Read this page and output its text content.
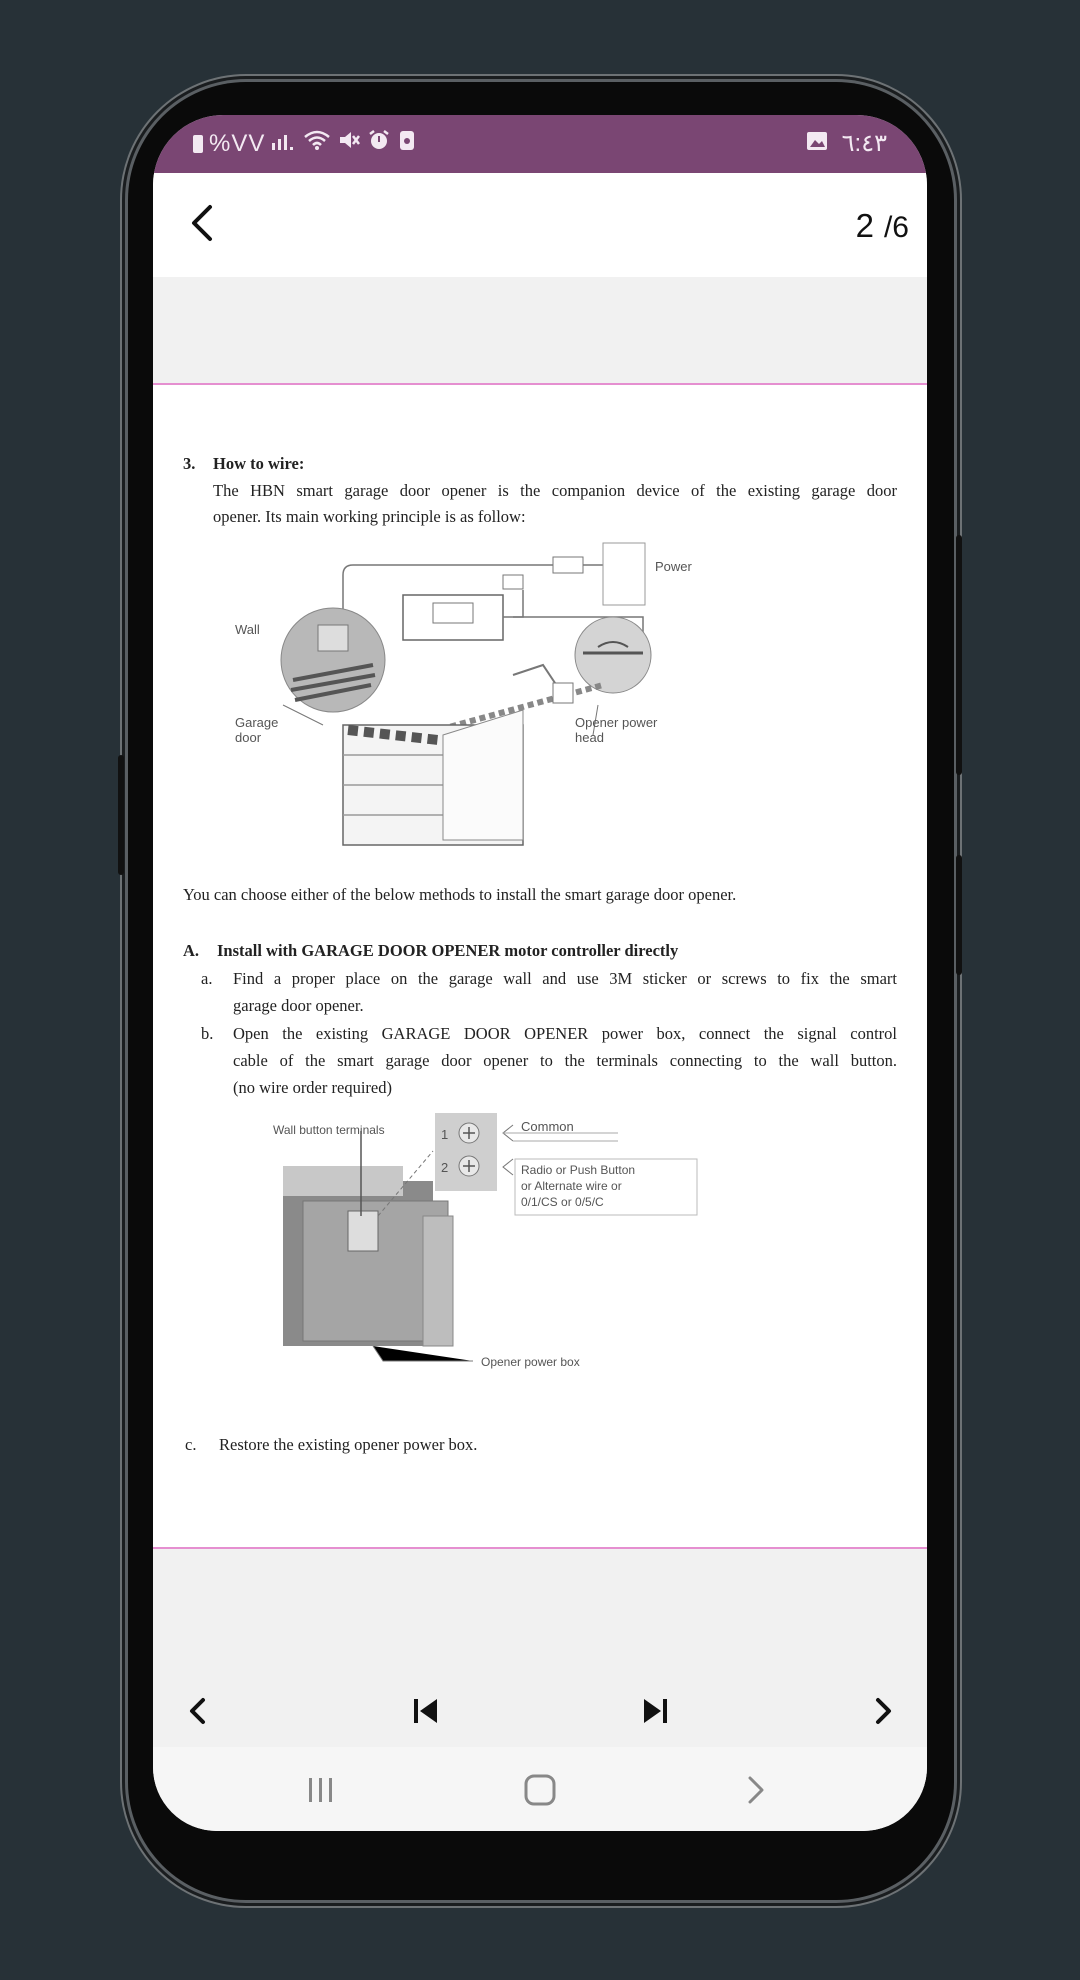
%VV	٦:٤٣
2 /6
3. How to wire:
The HBN smart garage door opener is the companion device of the existing garage door
opener. Its main working principle is as follow:
Power
Wall
Garage
door
Opener power
head
You can choose either of the below methods to install the smart garage door opener.
A. Install with GARAGE DOOR OPENER motor controller directly
a. Find a proper place on the garage wall and use 3M sticker or screws to fix the smart
garage door opener.
b. Open the existing GARAGE DOOR OPENER power box, connect the signal control
cable of the smart garage door opener to the terminals connecting to the wall button.
(no wire order required)
Wall button terminals	1
2
Common
Radio or Push Button
or Alternate wire or
0/1/CS or 0/5/C
Opener power box
c. Restore the existing opener power box.
